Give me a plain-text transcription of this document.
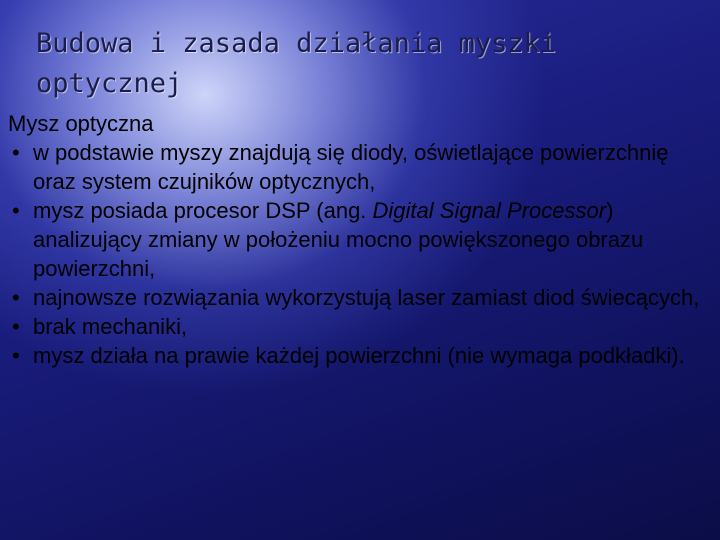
Budowa i zasada działania myszki optycznej

Mysz optyczna

• w podstawie myszy znajdują się diody, oświetlające powierzchnię oraz system czujników optycznych,
• mysz posiada procesor DSP (ang. Digital Signal Processor) analizujący zmiany w położeniu mocno powiększonego obrazu powierzchni,
• najnowsze rozwiązania wykorzystują laser zamiast diod świecących,
• brak mechaniki,
• mysz działa na prawie każdej powierzchni (nie wymaga podkładki).
